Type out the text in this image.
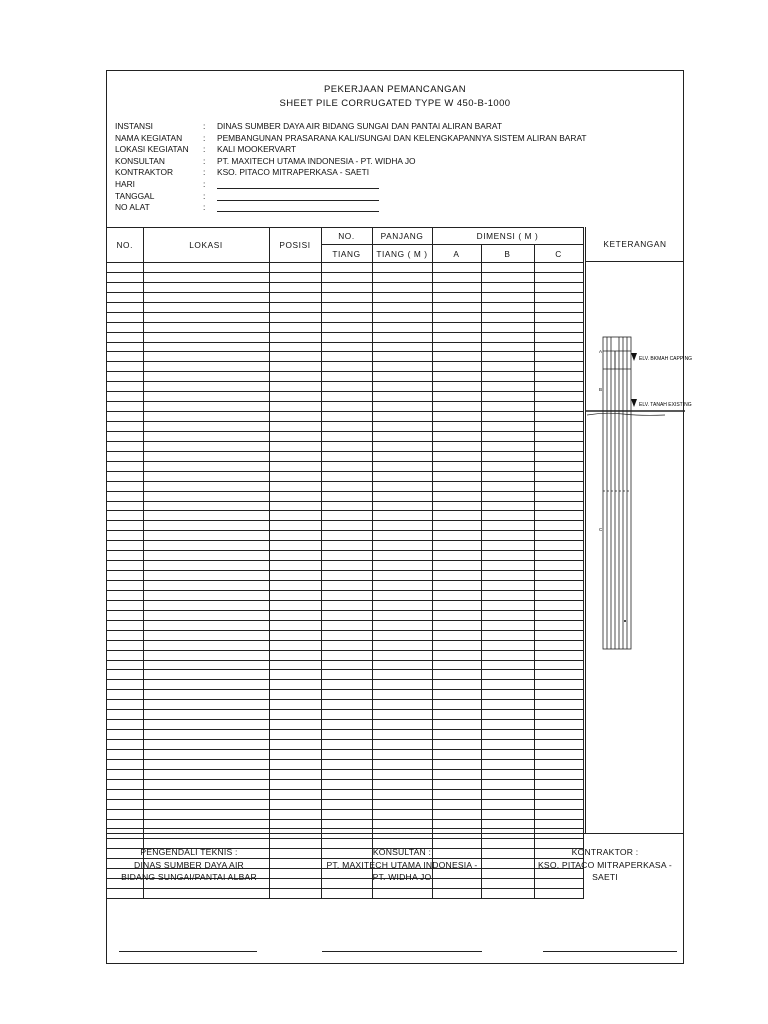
PEKERJAAN PEMANCANGAN
SHEET PILE CORRUGATED TYPE W 450-B-1000
INSTANSI	:	DINAS SUMBER DAYA AIR BIDANG SUNGAI DAN PANTAI ALIRAN BARAT
NAMA KEGIATAN	:	PEMBANGUNAN PRASARANA KALI/SUNGAI DAN KELENGKAPANNYA SISTEM ALIRAN BARAT
LOKASI KEGIATAN	:	KALI MOOKERVART
KONSULTAN	:	PT. MAXITECH UTAMA INDONESIA - PT. WIDHA JO
KONTRAKTOR	:	KSO. PITACO MITRAPERKASA - SAETI
HARI	:
TANGGAL	:
NO ALAT	:
NO.	LOKASI	POSISI	NO.	PANJANG	DIMENSI ( M )		
			TIANG	TIANG ( M )	A	B	C

KETERANGAN
ELV. BKMAH CAPPING
ELV. TANAH EXISTING
A
B
C
PENGENDALI TEKNIS :
DINAS SUMBER DAYA AIR
BIDANG SUNGAI/PANTAI ALBAR
KONSULTAN :
PT. MAXITECH UTAMA INDONESIA -
PT. WIDHA JO
KONTRAKTOR :
KSO. PITACO MITRAPERKASA -
SAETI
